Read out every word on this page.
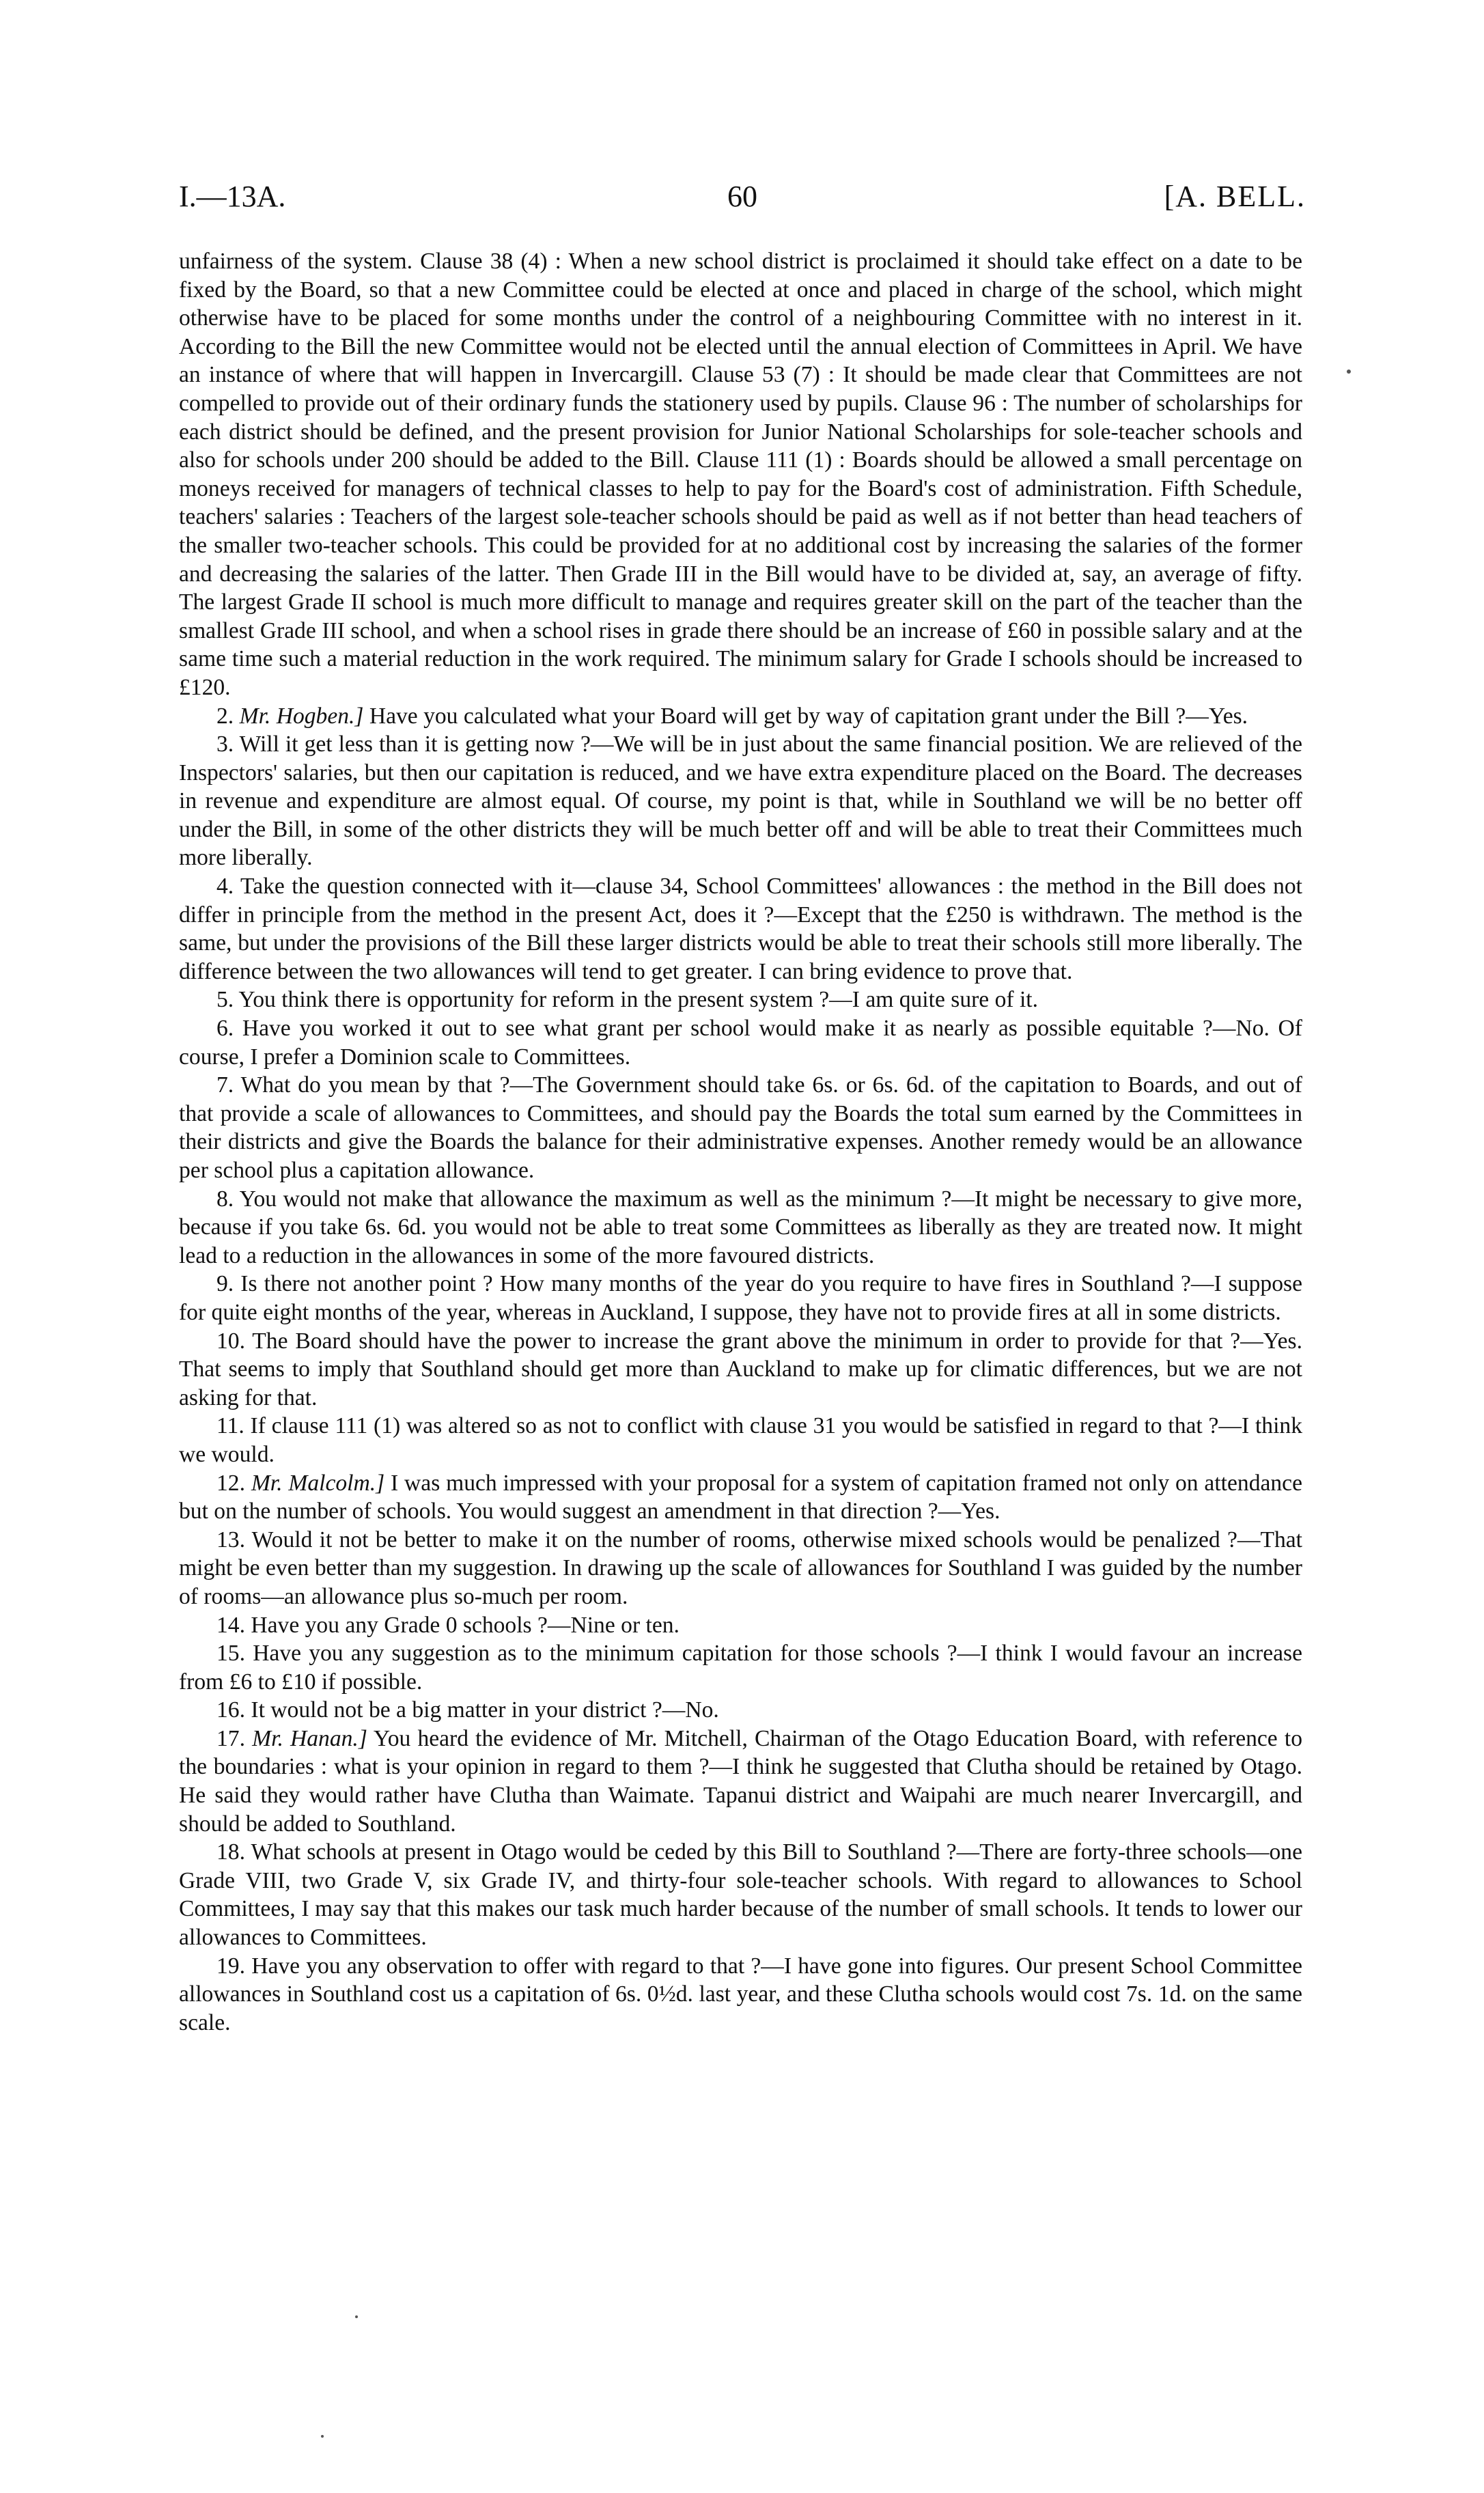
I.—13A.	60	[A. BELL.

unfairness of the system. Clause 38 (4) : When a new school district is proclaimed it should take effect on a date to be fixed by the Board, so that a new Committee could be elected at once and placed in charge of the school, which might otherwise have to be placed for some months under the control of a neighbouring Committee with no interest in it. According to the Bill the new Committee would not be elected until the annual election of Committees in April. We have an instance of where that will happen in Invercargill. Clause 53 (7) : It should be made clear that Committees are not compelled to provide out of their ordinary funds the stationery used by pupils. Clause 96 : The number of scholarships for each district should be defined, and the present provision for Junior National Scholarships for sole-teacher schools and also for schools under 200 should be added to the Bill. Clause 111 (1) : Boards should be allowed a small percentage on moneys received for managers of technical classes to help to pay for the Board's cost of administration. Fifth Schedule, teachers' salaries : Teachers of the largest sole-teacher schools should be paid as well as if not better than head teachers of the smaller two-teacher schools. This could be provided for at no additional cost by increasing the salaries of the former and decreasing the salaries of the latter. Then Grade III in the Bill would have to be divided at, say, an average of fifty. The largest Grade II school is much more difficult to manage and requires greater skill on the part of the teacher than the smallest Grade III school, and when a school rises in grade there should be an increase of £60 in possible salary and at the same time such a material reduction in the work required. The minimum salary for Grade I schools should be increased to £120.

2. Mr. Hogben.] Have you calculated what your Board will get by way of capitation grant under the Bill ?—Yes.

3. Will it get less than it is getting now ?—We will be in just about the same financial position. We are relieved of the Inspectors' salaries, but then our capitation is reduced, and we have extra expenditure placed on the Board. The decreases in revenue and expenditure are almost equal. Of course, my point is that, while in Southland we will be no better off under the Bill, in some of the other districts they will be much better off and will be able to treat their Committees much more liberally.

4. Take the question connected with it—clause 34, School Committees' allowances : the method in the Bill does not differ in principle from the method in the present Act, does it ?—Except that the £250 is withdrawn. The method is the same, but under the provisions of the Bill these larger districts would be able to treat their schools still more liberally. The difference between the two allowances will tend to get greater. I can bring evidence to prove that.

5. You think there is opportunity for reform in the present system ?—I am quite sure of it.

6. Have you worked it out to see what grant per school would make it as nearly as possible equitable ?—No. Of course, I prefer a Dominion scale to Committees.

7. What do you mean by that ?—The Government should take 6s. or 6s. 6d. of the capitation to Boards, and out of that provide a scale of allowances to Committees, and should pay the Boards the total sum earned by the Committees in their districts and give the Boards the balance for their administrative expenses. Another remedy would be an allowance per school plus a capitation allowance.

8. You would not make that allowance the maximum as well as the minimum ?—It might be necessary to give more, because if you take 6s. 6d. you would not be able to treat some Committees as liberally as they are treated now. It might lead to a reduction in the allowances in some of the more favoured districts.

9. Is there not another point ? How many months of the year do you require to have fires in Southland ?—I suppose for quite eight months of the year, whereas in Auckland, I suppose, they have not to provide fires at all in some districts.

10. The Board should have the power to increase the grant above the minimum in order to provide for that ?—Yes. That seems to imply that Southland should get more than Auckland to make up for climatic differences, but we are not asking for that.

11. If clause 111 (1) was altered so as not to conflict with clause 31 you would be satisfied in regard to that ?—I think we would.

12. Mr. Malcolm.] I was much impressed with your proposal for a system of capitation framed not only on attendance but on the number of schools. You would suggest an amendment in that direction ?—Yes.

13. Would it not be better to make it on the number of rooms, otherwise mixed schools would be penalized ?—That might be even better than my suggestion. In drawing up the scale of allowances for Southland I was guided by the number of rooms—an allowance plus so-much per room.

14. Have you any Grade 0 schools ?—Nine or ten.

15. Have you any suggestion as to the minimum capitation for those schools ?—I think I would favour an increase from £6 to £10 if possible.

16. It would not be a big matter in your district ?—No.

17. Mr. Hanan.] You heard the evidence of Mr. Mitchell, Chairman of the Otago Education Board, with reference to the boundaries : what is your opinion in regard to them ?—I think he suggested that Clutha should be retained by Otago. He said they would rather have Clutha than Waimate. Tapanui district and Waipahi are much nearer Invercargill, and should be added to Southland.

18. What schools at present in Otago would be ceded by this Bill to Southland ?—There are forty-three schools—one Grade VIII, two Grade V, six Grade IV, and thirty-four sole-teacher schools. With regard to allowances to School Committees, I may say that this makes our task much harder because of the number of small schools. It tends to lower our allowances to Committees.

19. Have you any observation to offer with regard to that ?—I have gone into figures. Our present School Committee allowances in Southland cost us a capitation of 6s. 0½d. last year, and these Clutha schools would cost 7s. 1d. on the same scale.
